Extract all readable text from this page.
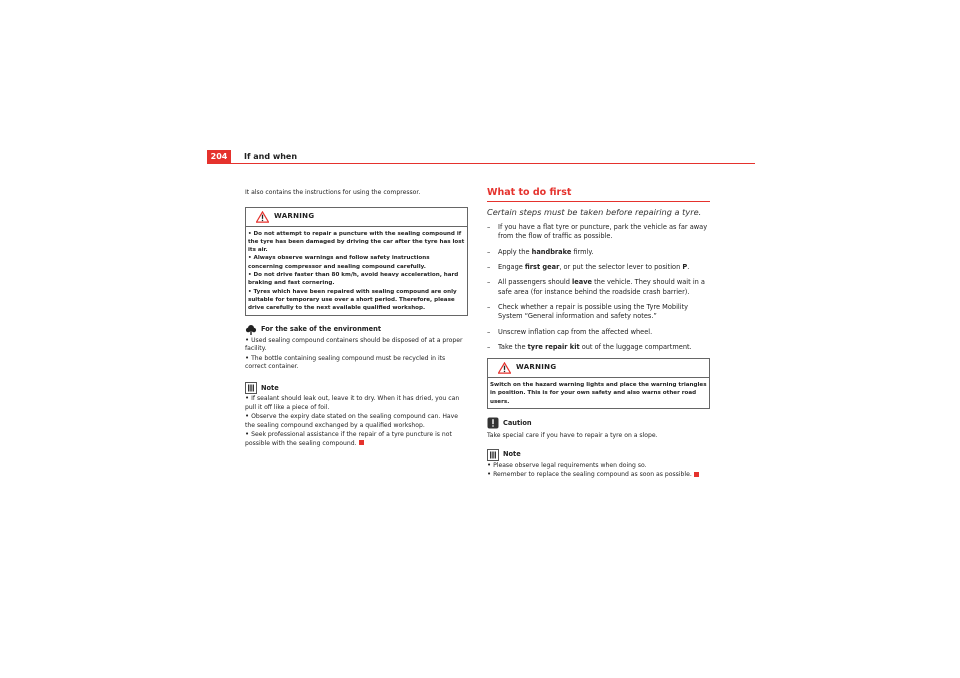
204	If and when

It also contains the instructions for using the compressor.

WARNING

• Do not attempt to repair a puncture with the sealing compound if the tyre has been damaged by driving the car after the tyre has lost its air.

• Always observe warnings and follow safety instructions concerning compressor and sealing compound carefully.

• Do not drive faster than 80 km/h, avoid heavy acceleration, hard braking and fast cornering.

• Tyres which have been repaired with sealing compound are only suitable for temporary use over a short period. Therefore, please drive carefully to the next available qualified workshop.

For the sake of the environment

• Used sealing compound containers should be disposed of at a proper facility.

• The bottle containing sealing compound must be recycled in its correct container.

Note

• If sealant should leak out, leave it to dry. When it has dried, you can pull it off like a piece of foil.

• Observe the expiry date stated on the sealing compound can. Have the sealing compound exchanged by a qualified workshop.

• Seek professional assistance if the repair of a tyre puncture is not possible with the sealing compound.

What to do first

Certain steps must be taken before repairing a tyre.

–	If you have a flat tyre or puncture, park the vehicle as far away from the flow of traffic as possible.
–	Apply the handbrake firmly.
–	Engage first gear, or put the selector lever to position P.
–	All passengers should leave the vehicle. They should wait in a safe area (for instance behind the roadside crash barrier).
–	Check whether a repair is possible using the Tyre Mobility System “General information and safety notes.”
–	Unscrew inflation cap from the affected wheel.
–	Take the tyre repair kit out of the luggage compartment.
WARNING

Switch on the hazard warning lights and place the warning triangles in position. This is for your own safety and also warns other road users.

Caution

Take special care if you have to repair a tyre on a slope.

Note

• Please observe legal requirements when doing so.

• Remember to replace the sealing compound as soon as possible.
